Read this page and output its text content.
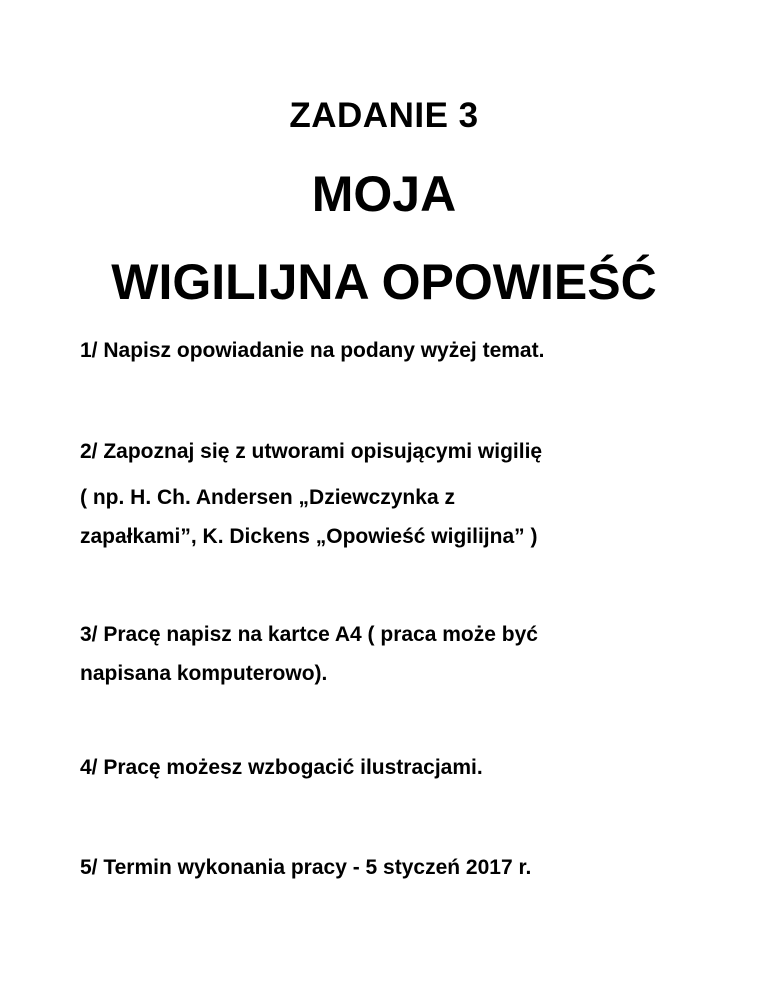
ZADANIE 3
MOJA
WIGILIJNA OPOWIEŚĆ

1/ Napisz opowiadanie na podany wyżej temat.

2/ Zapoznaj się z utworami opisującymi wigilię

( np. H. Ch. Andersen „Dziewczynka z

zapałkami”, K. Dickens „Opowieść wigilijna” )

3/ Pracę napisz na kartce A4 ( praca może być

napisana komputerowo).

4/ Pracę możesz wzbogacić ilustracjami.

5/ Termin wykonania pracy - 5 styczeń 2017 r.
